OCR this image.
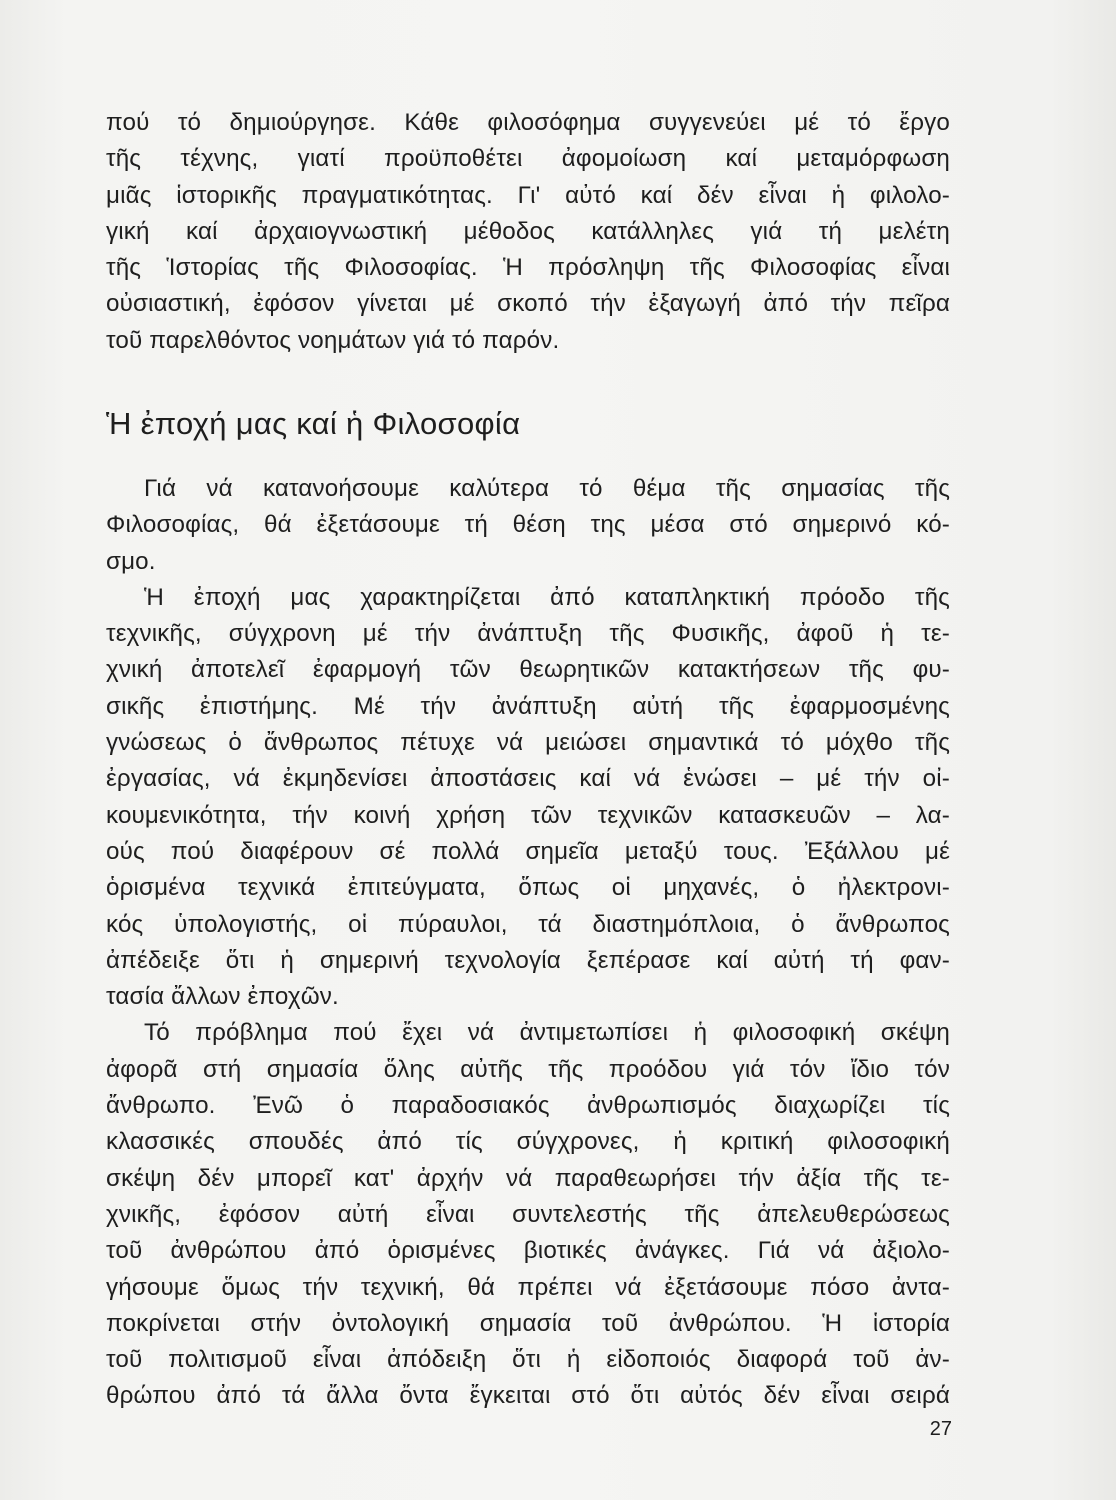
πού τό δημιούργησε. Κάθε φιλοσόφημα συγγενεύει μέ τό ἔργο
τῆς τέχνης, γιατί προϋποθέτει ἀφομοίωση καί μεταμόρφωση
μιᾶς ἱστορικῆς πραγματικότητας. Γι' αὐτό καί δέν εἶναι ἡ φιλολο-
γική καί ἀρχαιογνωστική μέθοδος κατάλληλες γιά τή μελέτη
τῆς Ἱστορίας τῆς Φιλοσοφίας. Ἡ πρόσληψη τῆς Φιλοσοφίας εἶναι
οὐσιαστική, ἐφόσον γίνεται μέ σκοπό τήν ἐξαγωγή ἀπό τήν πεῖρα
τοῦ παρελθόντος νοημάτων γιά τό παρόν.
Ἡ ἐποχή μας καί ἡ Φιλοσοφία
Γιά νά κατανοήσουμε καλύτερα τό θέμα τῆς σημασίας τῆς
Φιλοσοφίας, θά ἐξετάσουμε τή θέση της μέσα στό σημερινό κό-
σμο.
Ἡ ἐποχή μας χαρακτηρίζεται ἀπό καταπληκτική πρόοδο τῆς
τεχνικῆς, σύγχρονη μέ τήν ἀνάπτυξη τῆς Φυσικῆς, ἀφοῦ ἡ τε-
χνική ἀποτελεῖ ἐφαρμογή τῶν θεωρητικῶν κατακτήσεων τῆς φυ-
σικῆς ἐπιστήμης. Μέ τήν ἀνάπτυξη αὐτή τῆς ἐφαρμοσμένης
γνώσεως ὁ ἄνθρωπος πέτυχε νά μειώσει σημαντικά τό μόχθο τῆς
ἐργασίας, νά ἐκμηδενίσει ἀποστάσεις καί νά ἑνώσει – μέ τήν οἰ-
κουμενικότητα, τήν κοινή χρήση τῶν τεχνικῶν κατασκευῶν – λα-
ούς πού διαφέρουν σέ πολλά σημεῖα μεταξύ τους. Ἐξάλλου μέ
ὁρισμένα τεχνικά ἐπιτεύγματα, ὅπως οἱ μηχανές, ὁ ἠλεκτρονι-
κός ὑπολογιστής, οἱ πύραυλοι, τά διαστημόπλοια, ὁ ἄνθρωπος
ἀπέδειξε ὅτι ἡ σημερινή τεχνολογία ξεπέρασε καί αὐτή τή φαν-
τασία ἄλλων ἐποχῶν.
Τό πρόβλημα πού ἔχει νά ἀντιμετωπίσει ἡ φιλοσοφική σκέψη
ἀφορᾶ στή σημασία ὅλης αὐτῆς τῆς προόδου γιά τόν ἴδιο τόν
ἄνθρωπο. Ἐνῶ ὁ παραδοσιακός ἀνθρωπισμός διαχωρίζει τίς
κλασσικές σπουδές ἀπό τίς σύγχρονες, ἡ κριτική φιλοσοφική
σκέψη δέν μπορεῖ κατ' ἀρχήν νά παραθεωρήσει τήν ἀξία τῆς τε-
χνικῆς, ἐφόσον αὐτή εἶναι συντελεστής τῆς ἀπελευθερώσεως
τοῦ ἀνθρώπου ἀπό ὁρισμένες βιοτικές ἀνάγκες. Γιά νά ἀξιολο-
γήσουμε ὅμως τήν τεχνική, θά πρέπει νά ἐξετάσουμε πόσο ἀντα-
ποκρίνεται στήν ὀντολογική σημασία τοῦ ἀνθρώπου. Ἡ ἱστορία
τοῦ πολιτισμοῦ εἶναι ἀπόδειξη ὅτι ἡ εἰδοποιός διαφορά τοῦ ἀν-
θρώπου ἀπό τά ἄλλα ὄντα ἔγκειται στό ὅτι αὐτός δέν εἶναι σειρά
27
